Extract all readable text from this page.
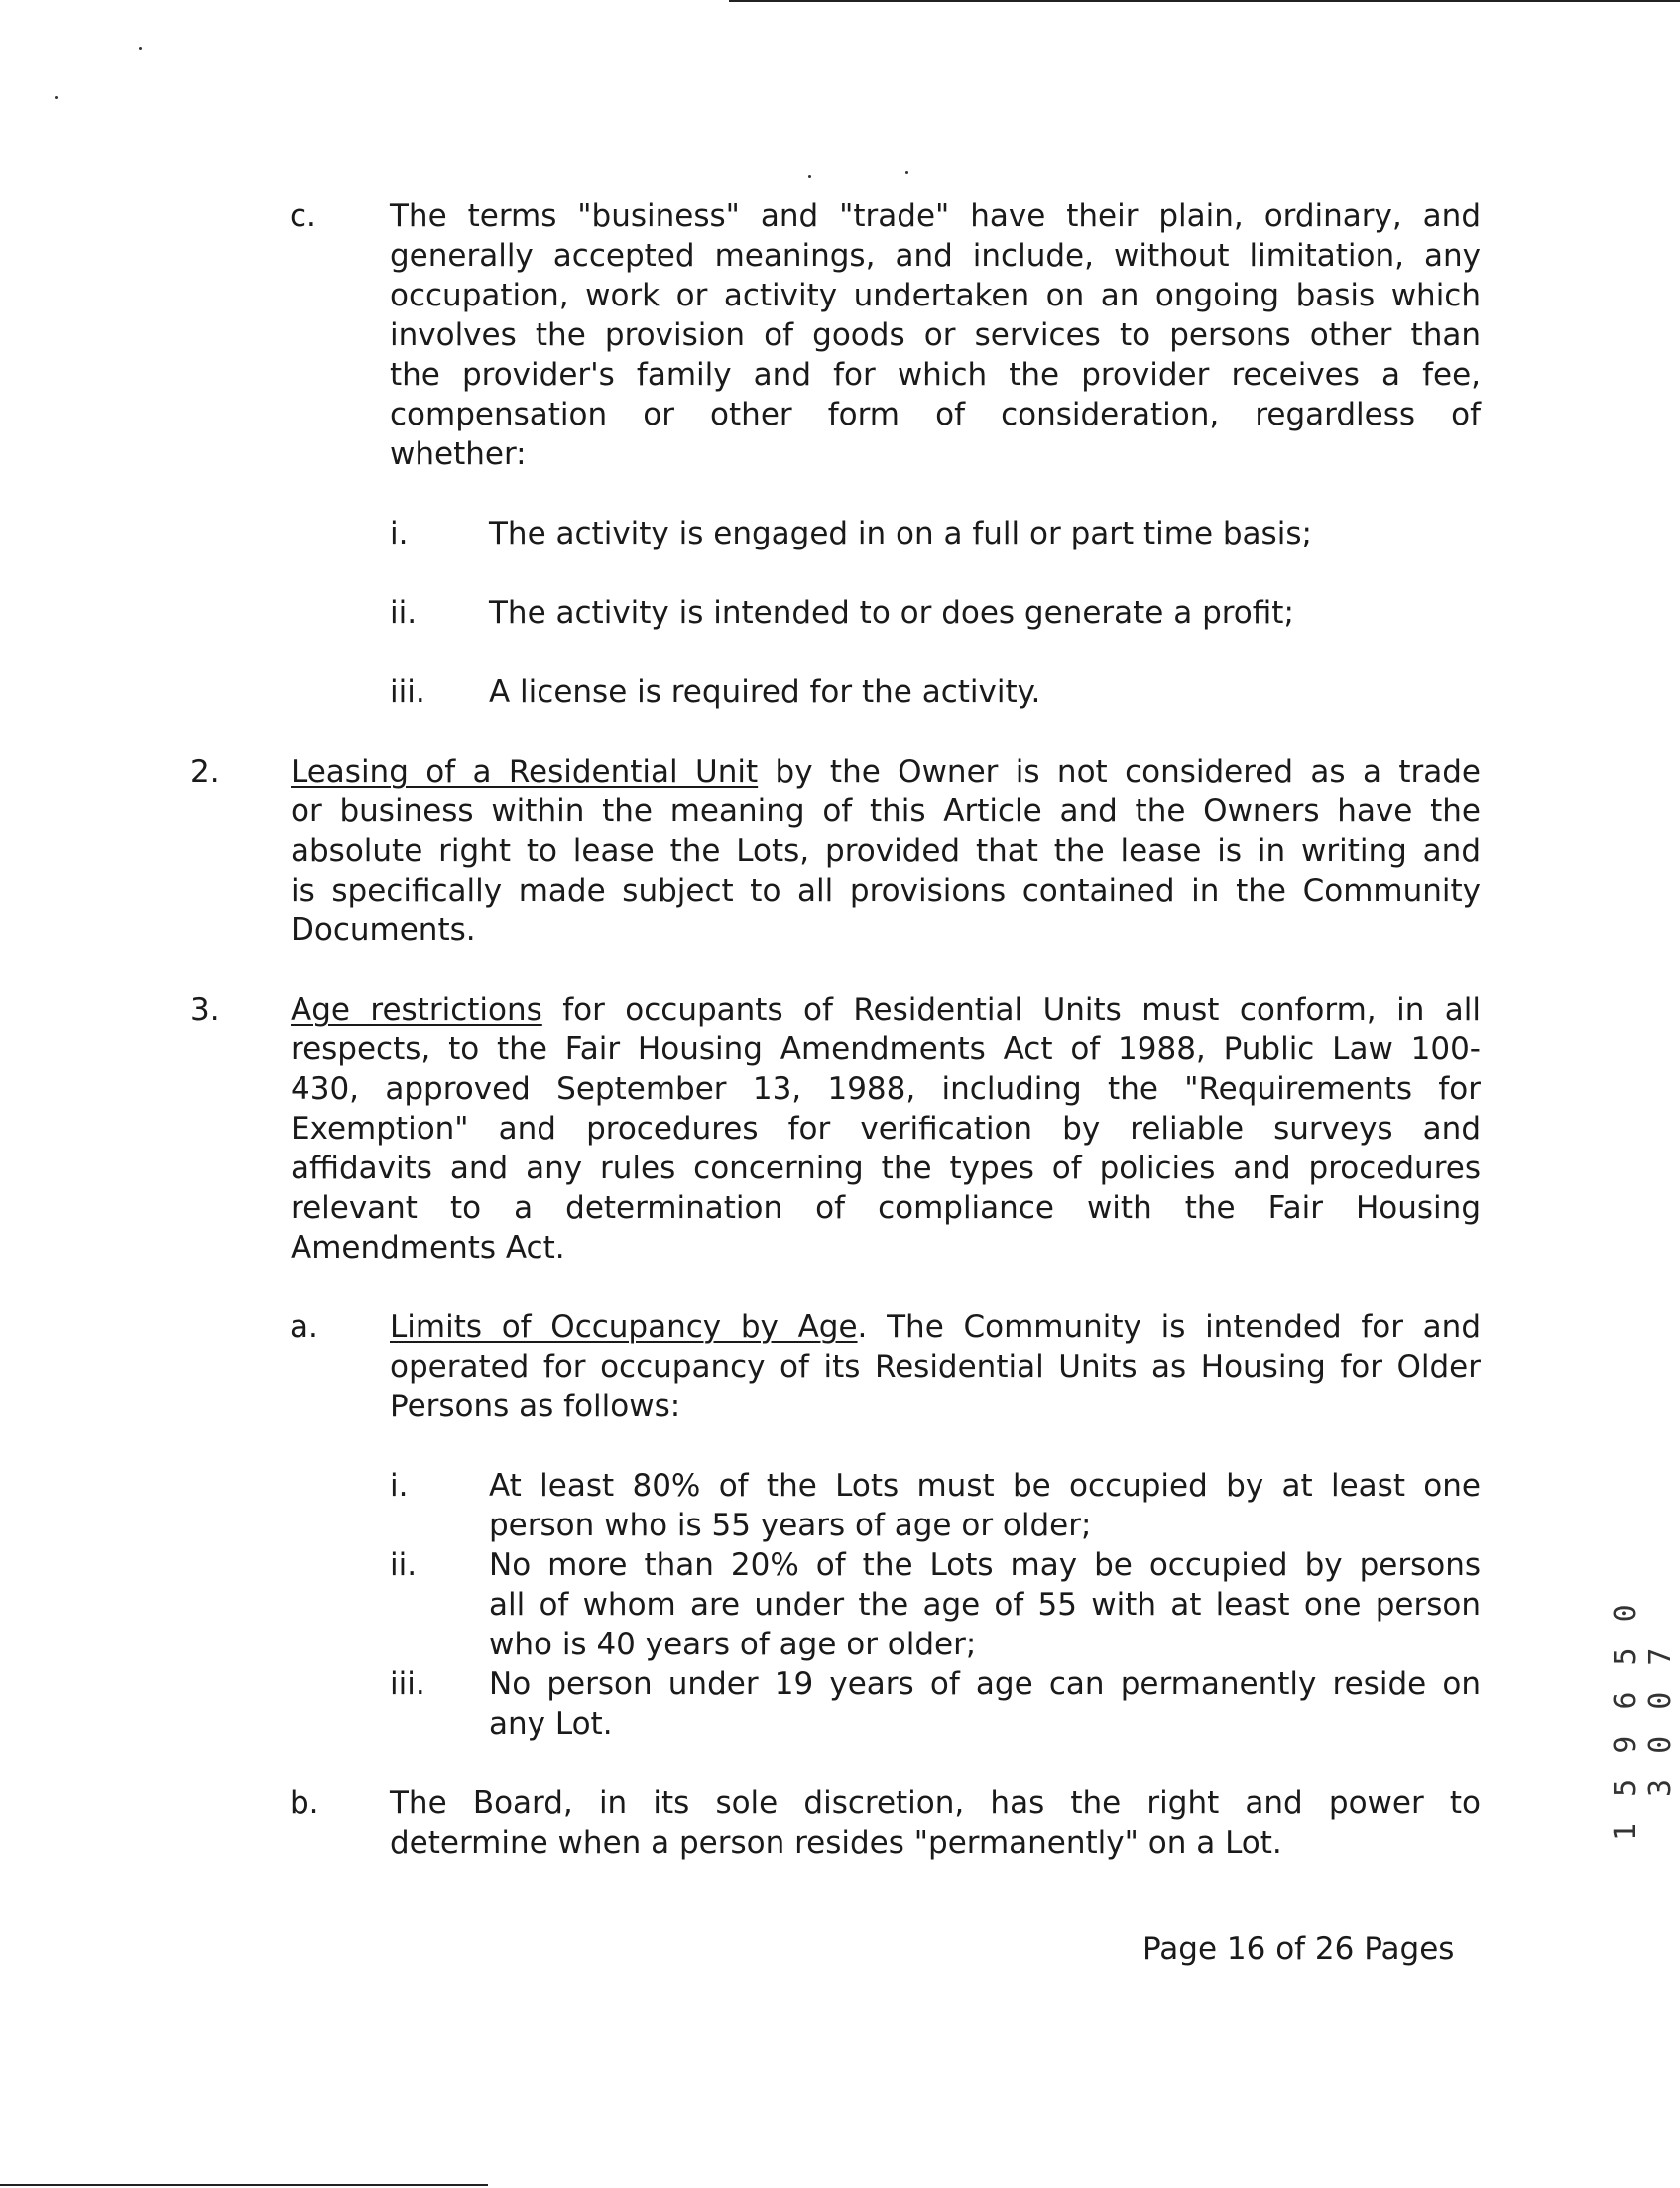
c. The terms "business" and "trade" have their plain, ordinary, and
generally accepted meanings, and include, without limitation, any
occupation, work or activity undertaken on an ongoing basis which
involves the provision of goods or services to persons other than
the provider's family and for which the provider receives a fee,
compensation or other form of consideration, regardless of
whether:
i.	The activity is engaged in on a full or part time basis;
ii. The activity is intended to or does generate a profit;
iii. A license is required for the activity.
2. Leasing of a Residential Unit by the Owner is not considered as a trade
or business within the meaning of this Article and the Owners have the
absolute right to lease the Lots, provided that the lease is in writing and
is specifically made subject to all provisions contained in the Community
Documents.
3. Age restrictions for occupants of Residential Units must conform, in all
respects, to the Fair Housing Amendments Act of 1988, Public Law 100-
430, approved September 13, 1988, including the "Requirements for
Exemption" and procedures for verification by reliable surveys and
affidavits and any rules concerning the types of policies and procedures
relevant to a determination of compliance with the Fair Housing
Amendments Act.
a. Limits of Occupancy by Age. The Community is intended for and
operated for occupancy of its Residential Units as Housing for Older
Persons as follows:
i.	At least 80% of the Lots must be occupied by at least one
person who is 55 years of age or older;
ii. No more than 20% of the Lots may be occupied by persons
all of whom are under the age of 55 with at least one person
who is 40 years of age or older;
iii. No person under 19 years of age can permanently reside on
any Lot.
b. The Board, in its sole discretion, has the right and power to
determine when a person resides "permanently" on a Lot.
Page 16 of 26 Pages
1 5 9 6 5 0 3 0 0 7
